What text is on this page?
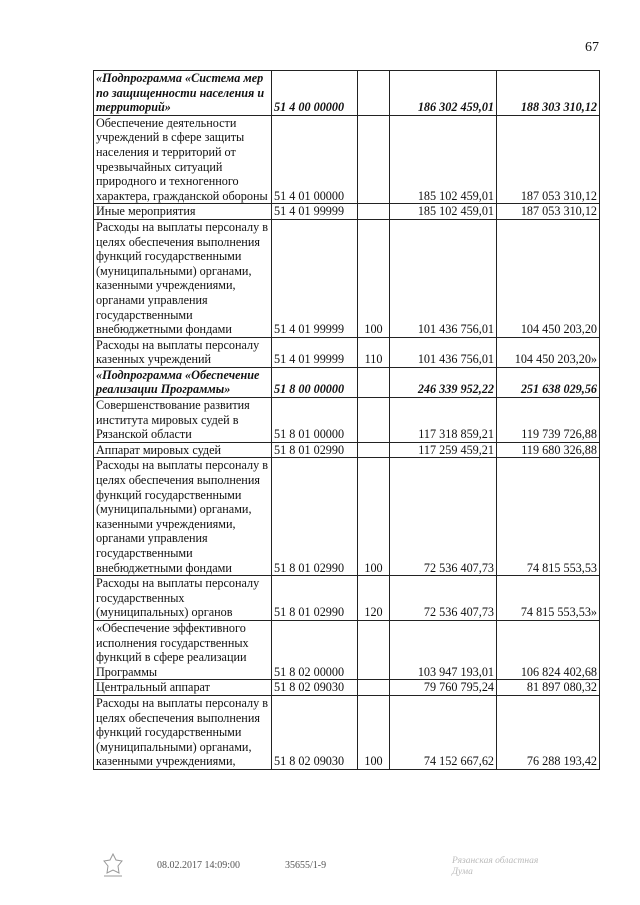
67
«Подпрограмма «Система мер по защищенности населения и территорий»	51 4 00 00000		186 302 459,01	188 303 310,12
Обеспечение деятельности учреждений в сфере защиты населения и территорий от чрезвычайных ситуаций природного и техногенного характера, гражданской обороны	51 4 01 00000		185 102 459,01	187 053 310,12
Иные мероприятия	51 4 01 99999		185 102 459,01	187 053 310,12
Расходы на выплаты персоналу в целях обеспечения выполнения функций государственными (муниципальными) органами, казенными учреждениями, органами управления государственными внебюджетными фондами	51 4 01 99999	100	101 436 756,01	104 450 203,20
Расходы на выплаты персоналу казенных учреждений	51 4 01 99999	110	101 436 756,01	104 450 203,20»
«Подпрограмма «Обеспечение реализации Программы»	51 8 00 00000		246 339 952,22	251 638 029,56
Совершенствование развития института мировых судей в Рязанской области	51 8 01 00000		117 318 859,21	119 739 726,88
Аппарат мировых судей	51 8 01 02990		117 259 459,21	119 680 326,88
Расходы на выплаты персоналу в целях обеспечения выполнения функций государственными (муниципальными) органами, казенными учреждениями, органами управления государственными внебюджетными фондами	51 8 01 02990	100	72 536 407,73	74 815 553,53
Расходы на выплаты персоналу государственных (муниципальных) органов	51 8 01 02990	120	72 536 407,73	74 815 553,53»
«Обеспечение эффективного исполнения государственных функций в сфере реализации Программы	51 8 02 00000		103 947 193,01	106 824 402,68
Центральный аппарат	51 8 02 09030		79 760 795,24	81 897 080,32
Расходы на выплаты персоналу в целях обеспечения выполнения функций государственными (муниципальными) органами, казенными учреждениями,	51 8 02 09030	100	74 152 667,62	76 288 193,42
08.02.2017 14:09:00	35655/1-9	Рязанская областная
Дума
